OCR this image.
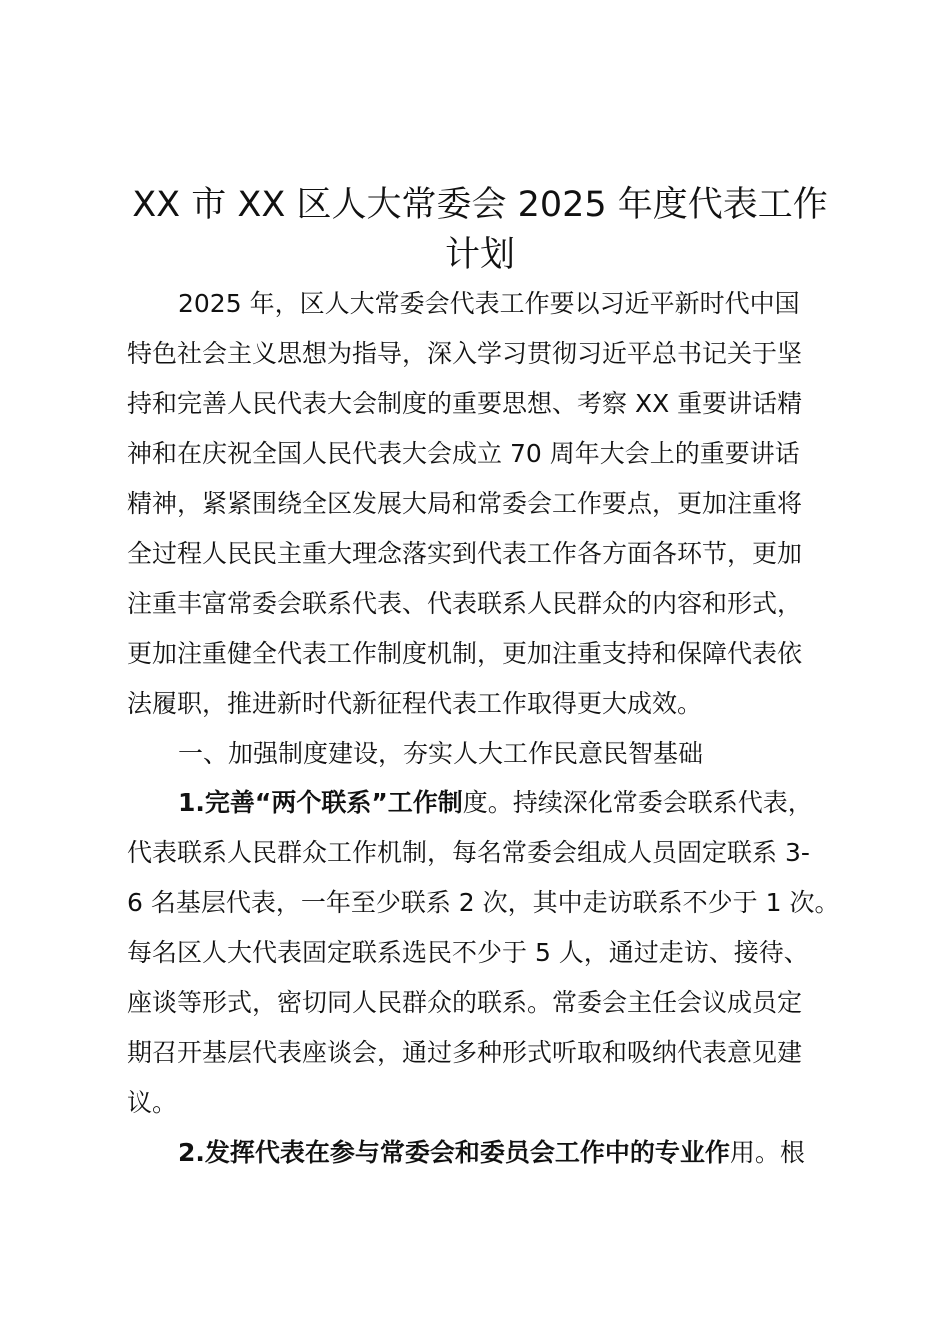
XX 市 XX 区人大常委会 2025 年度代表工作
计划
2025 年，区人大常委会代表工作要以习近平新时代中国
特色社会主义思想为指导，深入学习贯彻习近平总书记关于坚
持和完善人民代表大会制度的重要思想、考察 XX 重要讲话精
神和在庆祝全国人民代表大会成立 70 周年大会上的重要讲话
精神，紧紧围绕全区发展大局和常委会工作要点，更加注重将
全过程人民民主重大理念落实到代表工作各方面各环节，更加
注重丰富常委会联系代表、代表联系人民群众的内容和形式，
更加注重健全代表工作制度机制，更加注重支持和保障代表依
法履职，推进新时代新征程代表工作取得更大成效。
一、加强制度建设，夯实人大工作民意民智基础
1.完善“两个联系”工作制度。持续深化常委会联系代表，
代表联系人民群众工作机制，每名常委会组成人员固定联系 3-
6 名基层代表，一年至少联系 2 次，其中走访联系不少于 1 次。
每名区人大代表固定联系选民不少于 5 人，通过走访、接待、
座谈等形式，密切同人民群众的联系。常委会主任会议成员定
期召开基层代表座谈会，通过多种形式听取和吸纳代表意见建
议。
2.发挥代表在参与常委会和委员会工作中的专业作用。根
